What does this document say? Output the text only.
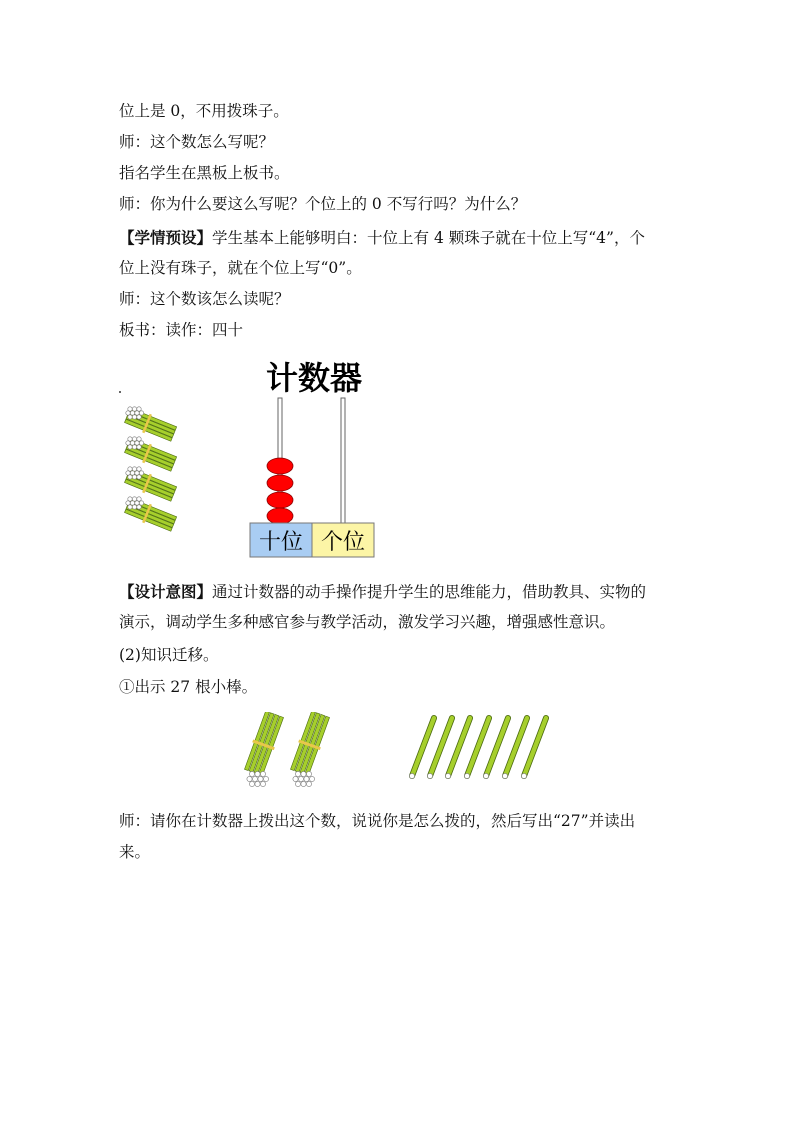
位上是 0，不用拨珠子。

师：这个数怎么写呢？

指名学生在黑板上板书。

师：你为什么要这么写呢？个位上的 0 不写行吗？为什么？

【学情预设】学生基本上能够明白：十位上有 4 颗珠子就在十位上写“4”，个

位上没有珠子，就在个位上写“0”。

师：这个数该怎么读呢？

板书：读作：四十

计数器
十位 个位

【设计意图】通过计数器的动手操作提升学生的思维能力，借助教具、实物的

演示，调动学生多种感官参与教学活动，激发学习兴趣，增强感性意识。

(2)知识迁移。

①出示 27 根小棒。

师：请你在计数器上拨出这个数，说说你是怎么拨的，然后写出“27”并读出

来。
